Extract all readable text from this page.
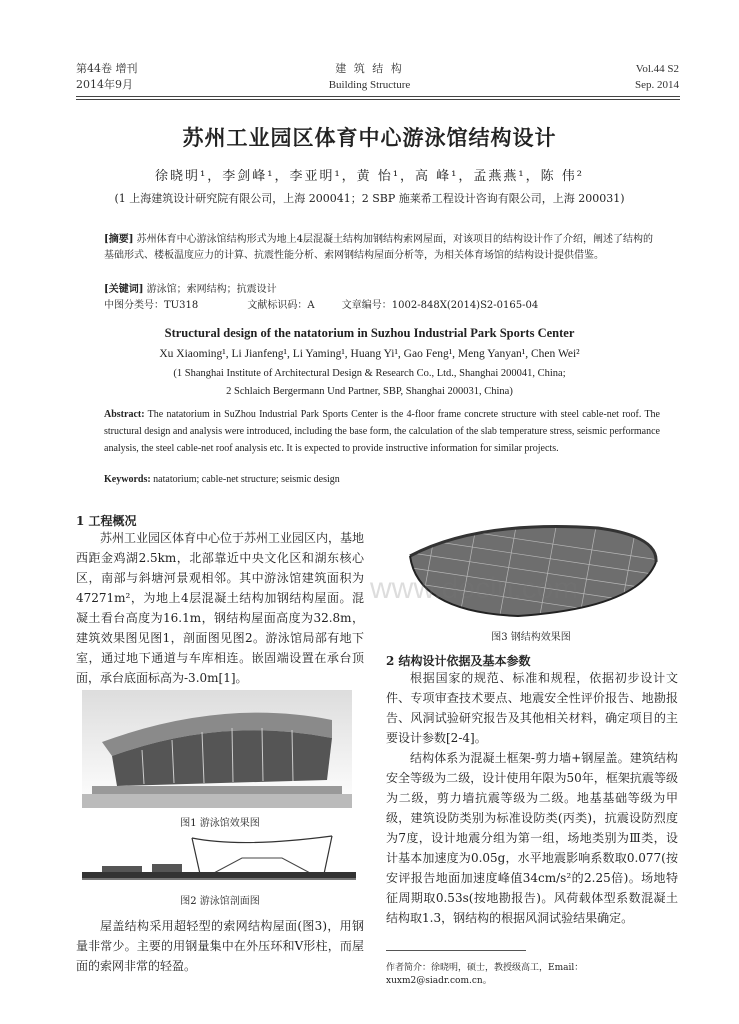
第44卷 增刊
2014年9月
建 筑 结 构
Building Structure
Vol.44 S2
Sep. 2014
苏州工业园区体育中心游泳馆结构设计
徐晓明¹，李剑峰¹，李亚明¹，黄 怡¹，高 峰¹，孟燕燕¹，陈 伟²
(1 上海建筑设计研究院有限公司，上海 200041；2 SBP 施莱希工程设计咨询有限公司，上海 200031)
[摘要] 苏州体育中心游泳馆结构形式为地上4层混凝土结构加钢结构索网屋面，对该项目的结构设计作了介绍，阐述了结构的基础形式、楼板温度应力的计算、抗震性能分析、索网钢结构屋面分析等，为相关体育场馆的结构设计提供借鉴。
[关键词] 游泳馆；索网结构；抗震设计
中图分类号：TU318	文献标识码：A	文章编号：1002-848X(2014)S2-0165-04
Structural design of the natatorium in Suzhou Industrial Park Sports Center
Xu Xiaoming¹, Li Jianfeng¹, Li Yaming¹, Huang Yi¹, Gao Feng¹, Meng Yanyan¹, Chen Wei²
(1 Shanghai Institute of Architectural Design & Research Co., Ltd., Shanghai 200041, China;
2 Schlaich Bergermann Und Partner, SBP, Shanghai 200031, China)
Abstract: The natatorium in SuZhou Industrial Park Sports Center is the 4-floor frame concrete structure with steel cable-net roof. The structural design and analysis were introduced, including the base form, the calculation of the slab temperature stress, seismic performance analysis, the steel cable-net roof analysis etc. It is expected to provide instructive information for similar projects.
Keywords: natatorium; cable-net structure; seismic design
1 工程概况
苏州工业园区体育中心位于苏州工业园区内，基地西距金鸡湖2.5km，北部靠近中央文化区和湖东核心区，南部与斜塘河景观相邻。其中游泳馆建筑面积为47271m²，为地上4层混凝土结构加钢结构屋面。混凝土看台高度为16.1m，钢结构屋面高度为32.8m，建筑效果图见图1，剖面图见图2。游泳馆局部有地下室，通过地下通道与车库相连。嵌固端设置在承台顶面，承台底面标高为-3.0m[1]。
图1 游泳馆效果图
图2 游泳馆剖面图
屋盖结构采用超轻型的索网结构屋面(图3)，用钢量非常少。主要的用钢量集中在外压环和V形柱，而屋面的索网非常的轻盈。
www.docin.com
图3 钢结构效果图
2 结构设计依据及基本参数
根据国家的规范、标准和规程，依据初步设计文件、专项审查技术要点、地震安全性评价报告、地勘报告、风洞试验研究报告及其他相关材料，确定项目的主要设计参数[2-4]。
结构体系为混凝土框架-剪力墙+钢屋盖。建筑结构安全等级为二级，设计使用年限为50年，框架抗震等级为二级，剪力墙抗震等级为二级。地基基础等级为甲级，建筑设防类别为标准设防类(丙类)，抗震设防烈度为7度，设计地震分组为第一组，场地类别为Ⅲ类，设计基本加速度为0.05g，水平地震影响系数取0.077(按安评报告地面加速度峰值34cm/s²的2.25倍)。场地特征周期取0.53s(按地勘报告)。风荷载体型系数混凝土结构取1.3，钢结构的根据风洞试验结果确定。
作者简介：徐晓明，硕士，教授级高工，Email：xuxm2@siadr.com.cn。
